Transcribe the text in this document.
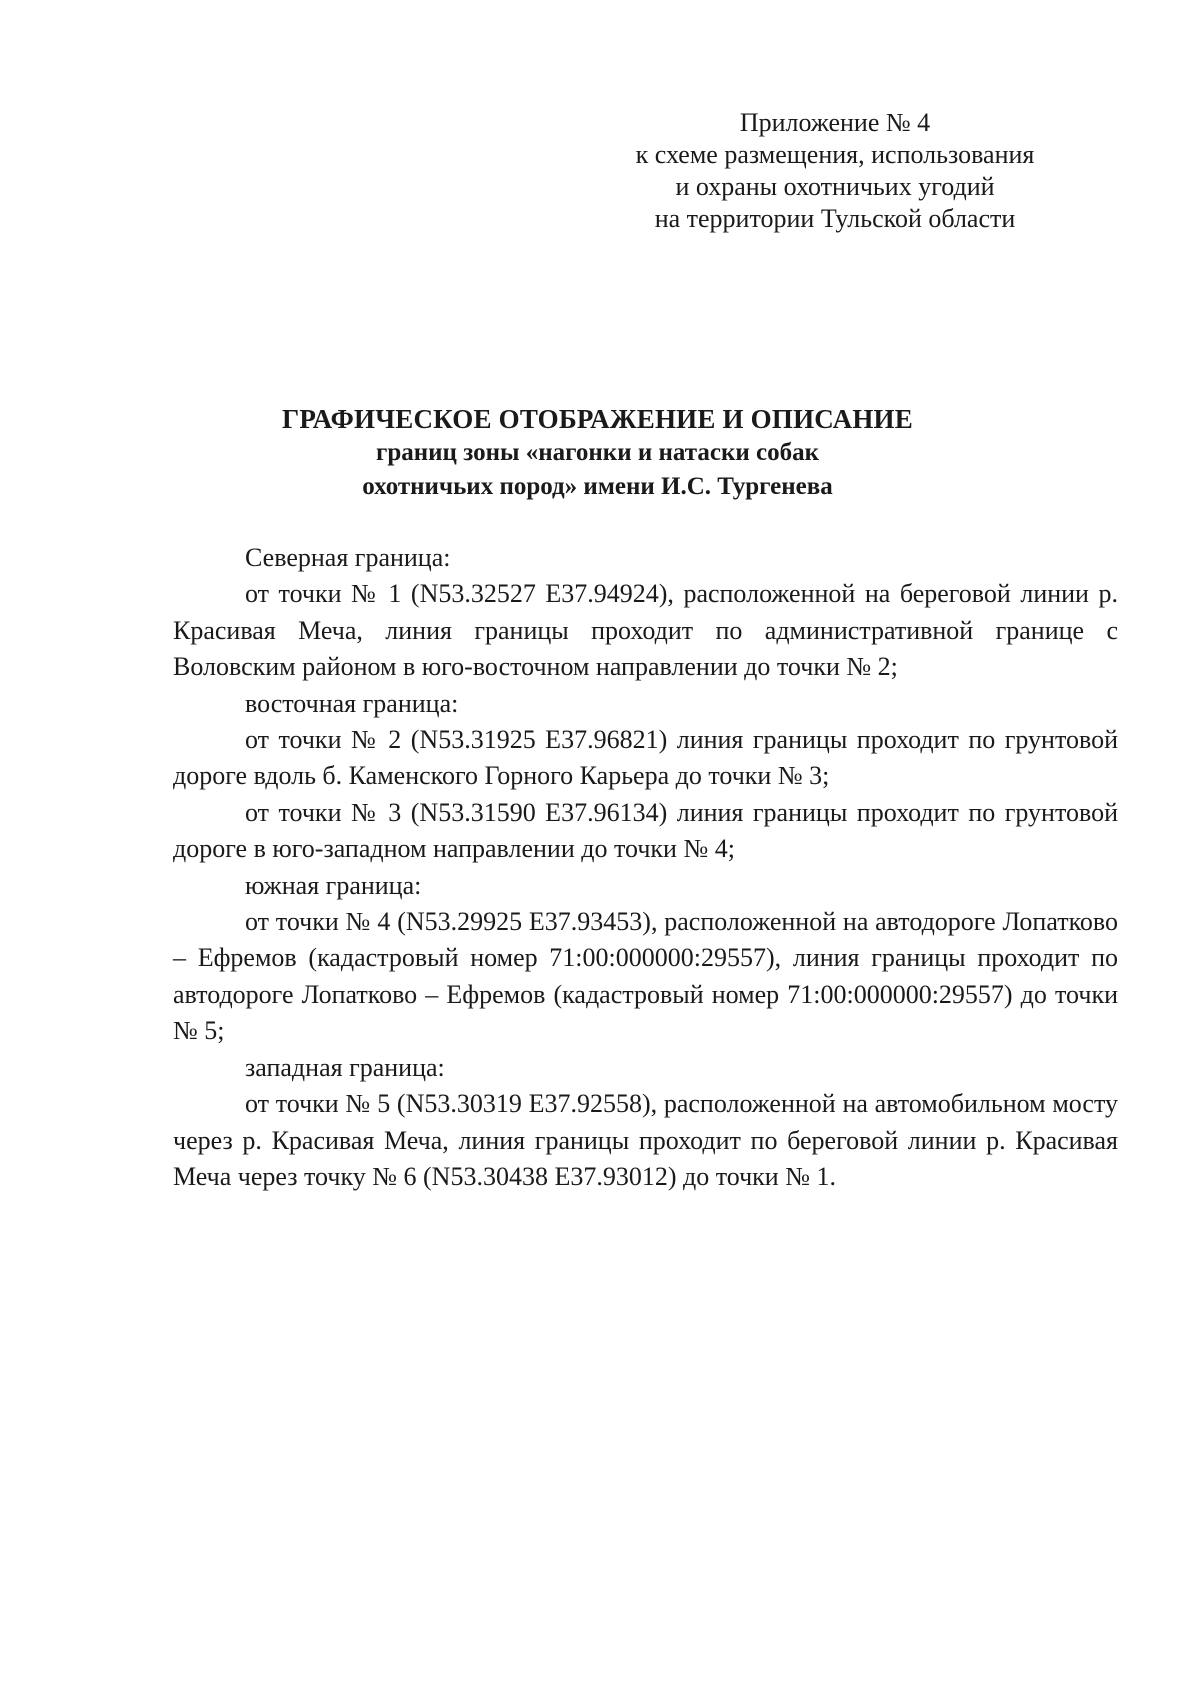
Приложение № 4
к схеме размещения, использования
и охраны охотничьих угодий
на территории Тульской области
ГРАФИЧЕСКОЕ ОТОБРАЖЕНИЕ И ОПИСАНИЕ
границ зоны «нагонки и натаски собак
охотничьих пород» имени И.С. Тургенева

Северная граница:

от точки № 1 (N53.32527 E37.94924), расположенной на береговой линии р. Красивая Меча, линия границы проходит по административной границе с Воловским районом в юго-восточном направлении до точки № 2;

восточная граница:

от точки № 2 (N53.31925 E37.96821) линия границы проходит по грунтовой дороге вдоль б. Каменского Горного Карьера до точки № 3;

от точки № 3 (N53.31590 E37.96134) линия границы проходит по грунтовой дороге в юго-западном направлении до точки № 4;

южная граница:

от точки № 4 (N53.29925 E37.93453), расположенной на автодороге Лопатково – Ефремов (кадастровый номер 71:00:000000:29557), линия границы проходит по автодороге Лопатково – Ефремов (кадастровый номер 71:00:000000:29557) до точки № 5;

западная граница:

от точки № 5 (N53.30319 E37.92558), расположенной на автомобильном мосту через р. Красивая Меча, линия границы проходит по береговой линии р. Красивая Меча через точку № 6 (N53.30438 E37.93012) до точки № 1.
